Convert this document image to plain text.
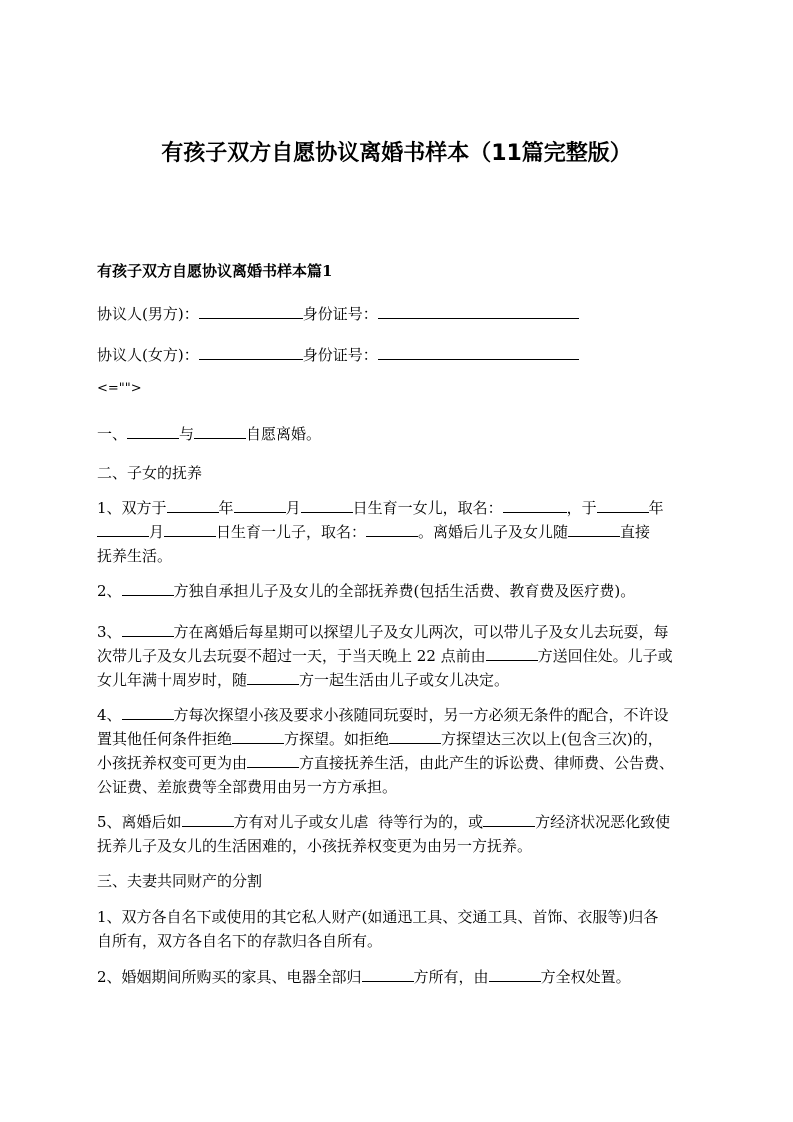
有孩子双方自愿协议离婚书样本（11篇完整版）
有孩子双方自愿协议离婚书样本篇1
协议人(男方)：	身份证号：
协议人(女方)：	身份证号：
<="">
一、	与	自愿离婚。
二、子女的抚养
1、双方于	年	月	日生育一女儿，取名：	，于	年
月	日生育一儿子，取名：	。离婚后儿子及女儿随	直接
抚养生活。
2、	方独自承担儿子及女儿的全部抚养费(包括生活费、教育费及医疗费)。
3、	方在离婚后每星期可以探望儿子及女儿两次，可以带儿子及女儿去玩耍，每
次带儿子及女儿去玩耍不超过一天，于当天晚上 22 点前由	方送回住处。儿子或
女儿年满十周岁时，随	方一起生活由儿子或女儿决定。
4、	方每次探望小孩及要求小孩随同玩耍时，另一方必须无条件的配合，不许设
置其他任何条件拒绝	方探望。如拒绝	方探望达三次以上(包含三次)的，
小孩抚养权变可更为由	方直接抚养生活，由此产生的诉讼费、律师费、公告费、
公证费、差旅费等全部费用由另一方方承担。
5、离婚后如	方有对儿子或女儿虐  待等行为的，或	方经济状况恶化致使
抚养儿子及女儿的生活困难的，小孩抚养权变更为由另一方抚养。
三、夫妻共同财产的分割
1、双方各自名下或使用的其它私人财产(如通迅工具、交通工具、首饰、衣服等)归各
自所有，双方各自名下的存款归各自所有。
2、婚姻期间所购买的家具、电器全部归	方所有，由	方全权处置。
